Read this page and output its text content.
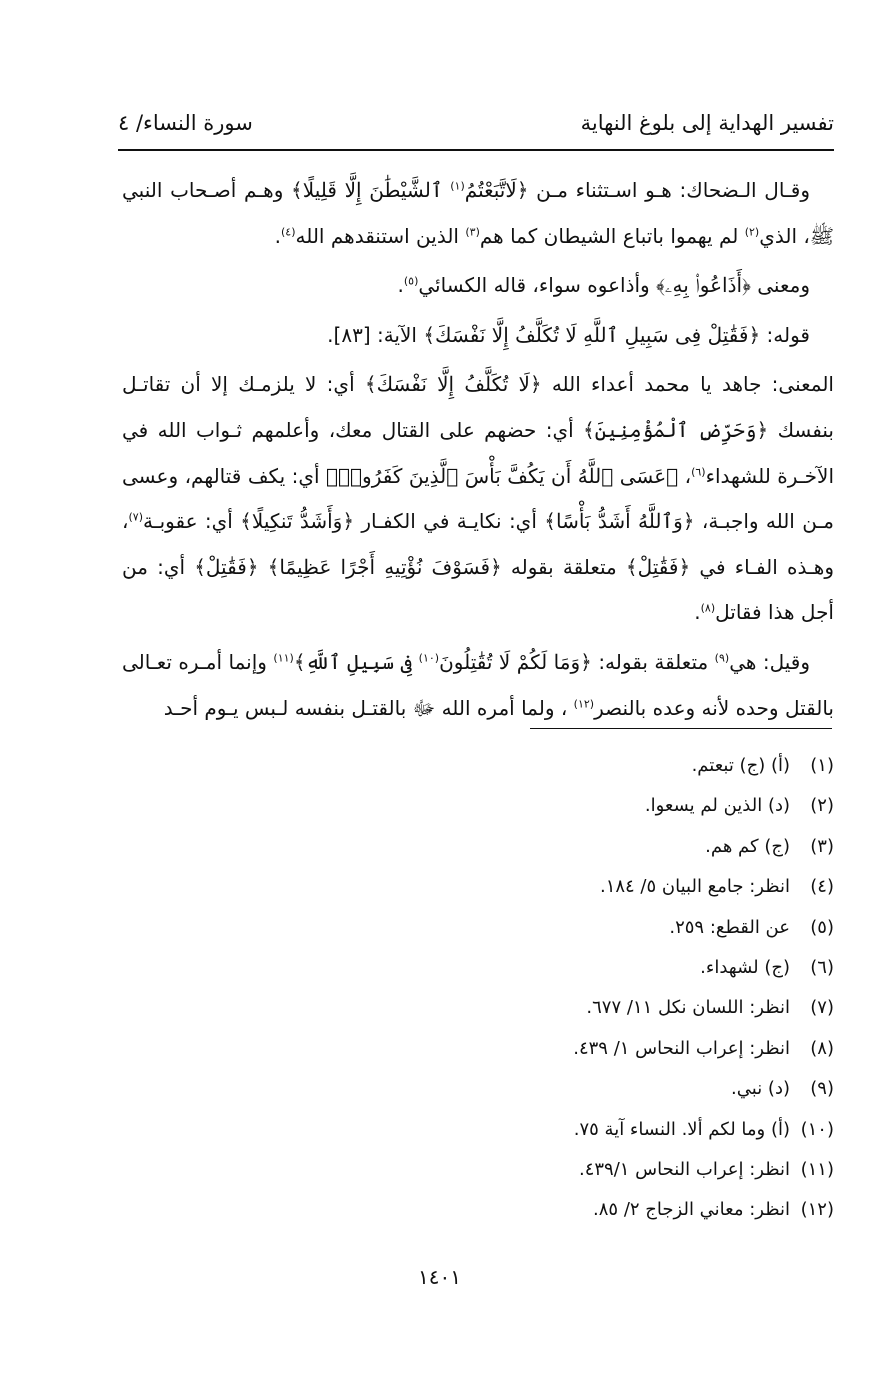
تفسير الهداية إلى بلوغ النهاية
سورة النساء/ ٤

وقـال الـضحاك: هـو اسـتثناء مـن ﴿لَاتَّبَعْتُمُ$^{(١)}$ ٱلشَّيْطَٰنَ إِلَّا قَلِيلًا﴾ وهـم أصـحاب النبي ﷺ، الذي$^{(٢)}$ لم يهموا باتباع الشيطان كما هم$^{(٣)}$ الذين استنقدهم الله$^{(٤)}$.

ومعنى ﴿أَذَاعُوا۟ بِهِۦ﴾ وأذاعوه سواء، قاله الكسائي$^{(٥)}$.

قوله: ﴿فَقَٰتِلْ فِى سَبِيلِ ٱللَّهِ لَا تُكَلَّفُ إِلَّا نَفْسَكَ﴾ الآية: [٨٣].

المعنى: جاهد يا محمد أعداء الله ﴿لَا تُكَلَّفُ إِلَّا نَفْسَكَ﴾ أي: لا يلزمـك إلا أن تقاتـل بنفسك ﴿وَحَرِّضِ ٱلْمُؤْمِنِينَ﴾ أي: حضهم على القتال معك، وأعلمهم ثـواب الله في الآخـرة للشهداء$^{(٦)}$، ﴿عَسَى ٱللَّهُ أَن يَكُفَّ بَأْسَ ٱلَّذِينَ كَفَرُوا۟﴾ أي: يكف قتالهم، وعسى مـن الله واجبـة، ﴿وَٱللَّهُ أَشَدُّ بَأْسًا﴾ أي: نكايـة في الكفـار ﴿وَأَشَدُّ تَنكِيلًا﴾ أي: عقوبـة$^{(٧)}$، وهـذه الفـاء في ﴿فَقَٰتِلْ﴾ متعلقة بقوله ﴿فَسَوْفَ نُؤْتِيهِ أَجْرًا عَظِيمًا﴾ ﴿فَقَٰتِلْ﴾ أي: من أجل هذا فقاتل$^{(٨)}$.

وقيل: هي$^{(٩)}$ متعلقة بقوله: ﴿وَمَا لَكُمْ لَا تُقَٰتِلُونَ$^{(١٠)}$ فِى سَبِيلِ ٱللَّهِ﴾$^{(١١)}$ وإنما أمـره تعـالى بالقتل وحده لأنه وعده بالنصر$^{(١٢)}$ ، ولما أمره الله ﷻ بالقتـل بنفسه لـبس يـوم أحـد

(١)(أ) (ج) تبعتم.
(٢)(د) الذين لم يسعوا.
(٣)(ج) كم هم.
(٤)انظر: جامع البيان ٥/ ١٨٤.
(٥)عن القطع: ٢٥٩.
(٦)(ج) لشهداء.
(٧)انظر: اللسان نكل ١١/ ٦٧٧.
(٨)انظر: إعراب النحاس ١/ ٤٣٩.
(٩)(د) نبي.
(١٠)(أ) وما لكم ألا. النساء آية ٧٥.
(١١)انظر: إعراب النحاس ٤٣٩/١.
(١٢)انظر: معاني الزجاج ٢/ ٨٥.
١٤٠١
